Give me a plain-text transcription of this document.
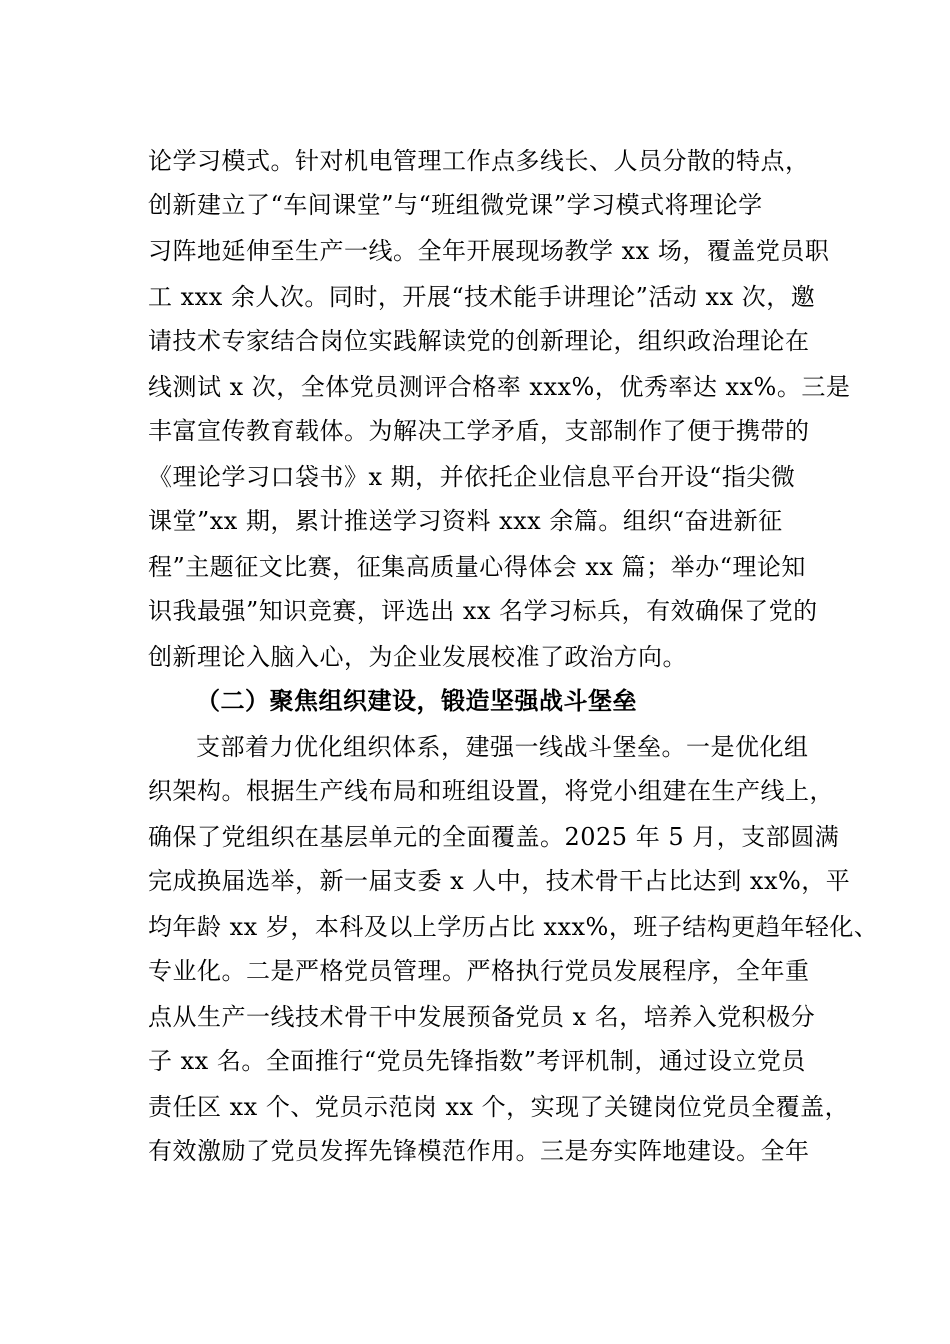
论学习模式。针对机电管理工作点多线长、人员分散的特点，
创新建立了“车间课堂”与“班组微党课”学习模式将理论学
习阵地延伸至生产一线。全年开展现场教学 xx 场，覆盖党员职
工 xxx 余人次。同时，开展“技术能手讲理论”活动 xx 次，邀
请技术专家结合岗位实践解读党的创新理论，组织政治理论在
线测试 x 次，全体党员测评合格率 xxx%，优秀率达 xx%。三是
丰富宣传教育载体。为解决工学矛盾，支部制作了便于携带的
《理论学习口袋书》x 期，并依托企业信息平台开设“指尖微
课堂”xx 期，累计推送学习资料 xxx 余篇。组织“奋进新征
程”主题征文比赛，征集高质量心得体会 xx 篇；举办“理论知
识我最强”知识竞赛，评选出 xx 名学习标兵，有效确保了党的
创新理论入脑入心，为企业发展校准了政治方向。
（二）聚焦组织建设，锻造坚强战斗堡垒
支部着力优化组织体系，建强一线战斗堡垒。一是优化组
织架构。根据生产线布局和班组设置，将党小组建在生产线上，
确保了党组织在基层单元的全面覆盖。2025 年 5 月，支部圆满
完成换届选举，新一届支委 x 人中，技术骨干占比达到 xx%，平
均年龄 xx 岁，本科及以上学历占比 xxx%，班子结构更趋年轻化、
专业化。二是严格党员管理。严格执行党员发展程序，全年重
点从生产一线技术骨干中发展预备党员 x 名，培养入党积极分
子 xx 名。全面推行“党员先锋指数”考评机制，通过设立党员
责任区 xx 个、党员示范岗 xx 个，实现了关键岗位党员全覆盖，
有效激励了党员发挥先锋模范作用。三是夯实阵地建设。全年
